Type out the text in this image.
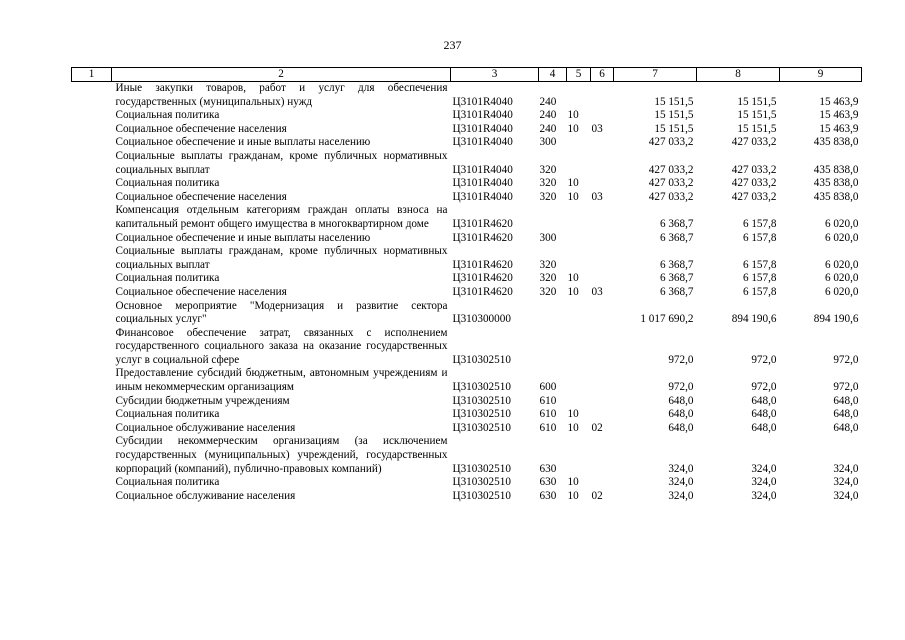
237
1	2	3	4	5	6	7	8	9
	Иные закупки товаров, работ и услуг для обеспечения государственных (муниципальных) нужд	Ц3101R4040	240			15 151,5	15 151,5	15 463,9
	Социальная политика	Ц3101R4040	240	10		15 151,5	15 151,5	15 463,9
	Социальное обеспечение населения	Ц3101R4040	240	10	03	15 151,5	15 151,5	15 463,9
	Социальное обеспечение и иные выплаты населению	Ц3101R4040	300			427 033,2	427 033,2	435 838,0
	Социальные выплаты гражданам, кроме публичных нормативных социальных выплат	Ц3101R4040	320			427 033,2	427 033,2	435 838,0
	Социальная политика	Ц3101R4040	320	10		427 033,2	427 033,2	435 838,0
	Социальное обеспечение населения	Ц3101R4040	320	10	03	427 033,2	427 033,2	435 838,0
	Компенсация отдельным категориям граждан оплаты взноса на капитальный ремонт общего имущества в многоквартирном доме	Ц3101R4620				6 368,7	6 157,8	6 020,0
	Социальное обеспечение и иные выплаты населению	Ц3101R4620	300			6 368,7	6 157,8	6 020,0
	Социальные выплаты гражданам, кроме публичных нормативных социальных выплат	Ц3101R4620	320			6 368,7	6 157,8	6 020,0
	Социальная политика	Ц3101R4620	320	10		6 368,7	6 157,8	6 020,0
	Социальное обеспечение населения	Ц3101R4620	320	10	03	6 368,7	6 157,8	6 020,0
	Основное мероприятие "Модернизация и развитие сектора социальных услуг"	Ц310300000				1 017 690,2	894 190,6	894 190,6
	Финансовое обеспечение затрат, связанных с исполнением государственного социального заказа на оказание государственных услуг в социальной сфере	Ц310302510				972,0	972,0	972,0
	Предоставление субсидий бюджетным, автономным учреждениям и иным некоммерческим организациям	Ц310302510	600			972,0	972,0	972,0
	Субсидии бюджетным учреждениям	Ц310302510	610			648,0	648,0	648,0
	Социальная политика	Ц310302510	610	10		648,0	648,0	648,0
	Социальное обслуживание населения	Ц310302510	610	10	02	648,0	648,0	648,0
	Субсидии некоммерческим организациям (за исключением государственных (муниципальных) учреждений, государственных корпораций (компаний), публично-правовых компаний)	Ц310302510	630			324,0	324,0	324,0
	Социальная политика	Ц310302510	630	10		324,0	324,0	324,0
	Социальное обслуживание населения	Ц310302510	630	10	02	324,0	324,0	324,0
